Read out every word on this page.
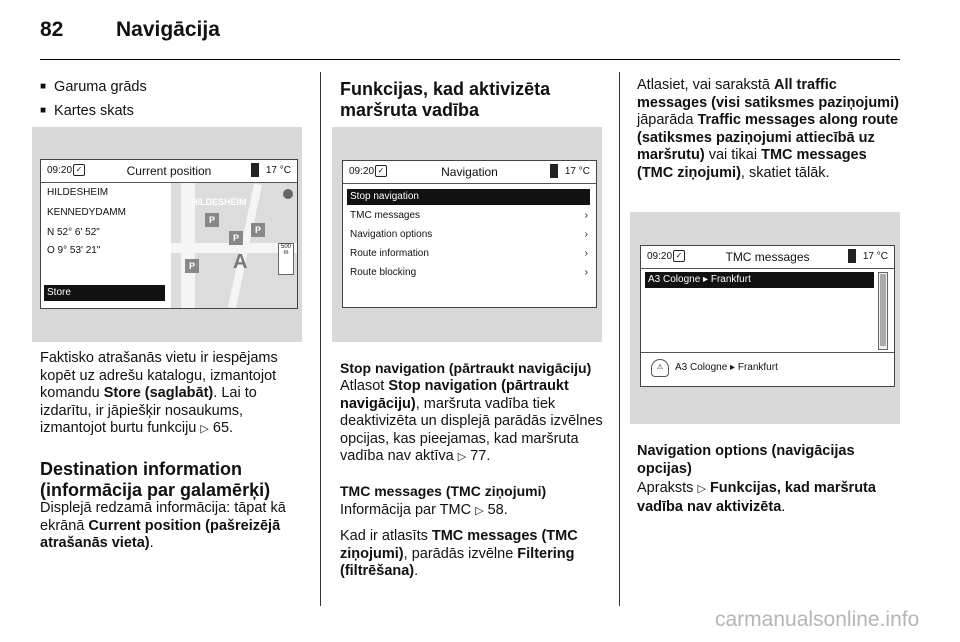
82	Navigācija
■ Garuma grāds
■ Kartes skats
09:20 ✓	Current position	17 °C
HILDESHEIM
KENNEDYDAMM
N 52° 6' 52"
O 9° 53' 21"
Store
HILDESHEIM
P
P
P
P A
500
m
Faktisko atrašanās vietu ir iespējams kopēt uz adrešu katalogu, izmantojot komandu Store (saglabāt). Lai to izdarītu, ir jāpiešķir nosaukums, izmantojot burtu funkciju ▷ 65.
Destination information
(informācija par galamērķi)
Displejā redzamā informācija: tāpat kā ekrānā Current position (pašreizējā atrašanās vieta).
Funkcijas, kad aktivizēta
maršruta vadība
09:20 ✓	Navigation	17 °C
Stop navigation
TMC messages	›
Navigation options	›
Route information	›
Route blocking	›
Stop navigation (pārtraukt navigāciju)
Atlasot Stop navigation (pārtraukt navigāciju), maršruta vadība tiek deaktivizēta un displejā parādās izvēlnes opcijas, kas pieejamas, kad maršruta vadība nav aktīva ▷ 77.
TMC messages (TMC ziņojumi)
Informācija par TMC ▷ 58.
Kad ir atlasīts TMC messages (TMC ziņojumi), parādās izvēlne Filtering (filtrēšana).
Atlasiet, vai sarakstā All traffic messages (visi satiksmes paziņojumi) jāparāda Traffic messages along route (satiksmes paziņojumi attiecībā uz maršrutu) vai tikai TMC messages (TMC ziņojumi), skatiet tālāk.
09:20 ✓	TMC messages	17 °C
A3 Cologne ▸ Frankfurt
⚠	A3 Cologne ▸ Frankfurt
Navigation options (navigācijas
opcijas)
Apraksts ▷ Funkcijas, kad maršruta vadība nav aktivizēta.
carmanualsonline.info
